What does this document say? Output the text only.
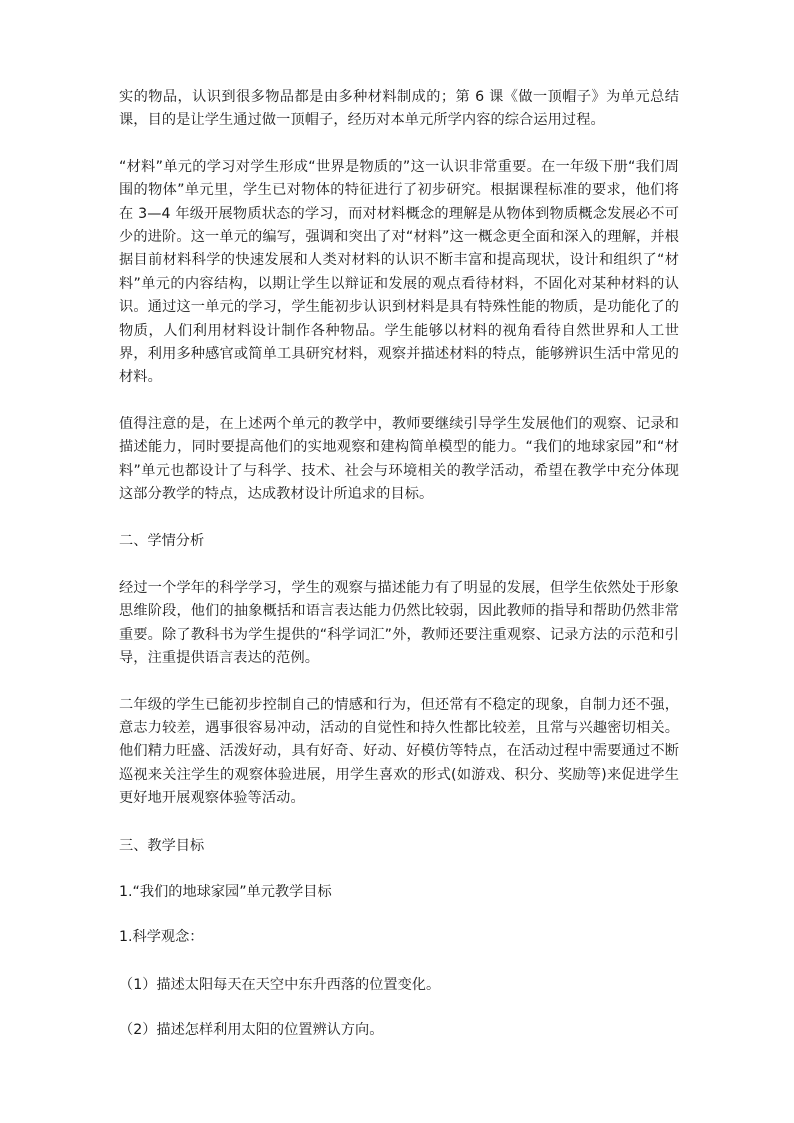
实的物品，认识到很多物品都是由多种材料制成的；第 6 课《做一顶帽子》为单元总结课，目的是让学生通过做一顶帽子，经历对本单元所学内容的综合运用过程。

“材料”单元的学习对学生形成“世界是物质的”这一认识非常重要。在一年级下册“我们周围的物体”单元里，学生已对物体的特征进行了初步研究。根据课程标准的要求，他们将在 3—4 年级开展物质状态的学习，而对材料概念的理解是从物体到物质概念发展必不可少的进阶。这一单元的编写，强调和突出了对“材料”这一概念更全面和深入的理解，并根据目前材料科学的快速发展和人类对材料的认识不断丰富和提高现状，设计和组织了“材料”单元的内容结构，以期让学生以辩证和发展的观点看待材料，不固化对某种材料的认识。通过这一单元的学习，学生能初步认识到材料是具有特殊性能的物质，是功能化了的物质，人们利用材料设计制作各种物品。学生能够以材料的视角看待自然世界和人工世界，利用多种感官或简单工具研究材料，观察并描述材料的特点，能够辨识生活中常见的材料。

值得注意的是，在上述两个单元的教学中，教师要继续引导学生发展他们的观察、记录和描述能力，同时要提高他们的实地观察和建构简单模型的能力。“我们的地球家园”和“材料”单元也都设计了与科学、技术、社会与环境相关的教学活动，希望在教学中充分体现这部分教学的特点，达成教材设计所追求的目标。

二、学情分析

经过一个学年的科学学习，学生的观察与描述能力有了明显的发展，但学生依然处于形象思维阶段，他们的抽象概括和语言表达能力仍然比较弱，因此教师的指导和帮助仍然非常重要。除了教科书为学生提供的“科学词汇”外，教师还要注重观察、记录方法的示范和引导，注重提供语言表达的范例。

二年级的学生已能初步控制自己的情感和行为，但还常有不稳定的现象，自制力还不强，意志力较差，遇事很容易冲动，活动的自觉性和持久性都比较差，且常与兴趣密切相关。他们精力旺盛、活泼好动，具有好奇、好动、好模仿等特点，在活动过程中需要通过不断巡视来关注学生的观察体验进展，用学生喜欢的形式(如游戏、积分、奖励等)来促进学生更好地开展观察体验等活动。

三、教学目标

1.“我们的地球家园”单元教学目标

1.科学观念：

（1）描述太阳每天在天空中东升西落的位置变化。

（2）描述怎样利用太阳的位置辨认方向。
